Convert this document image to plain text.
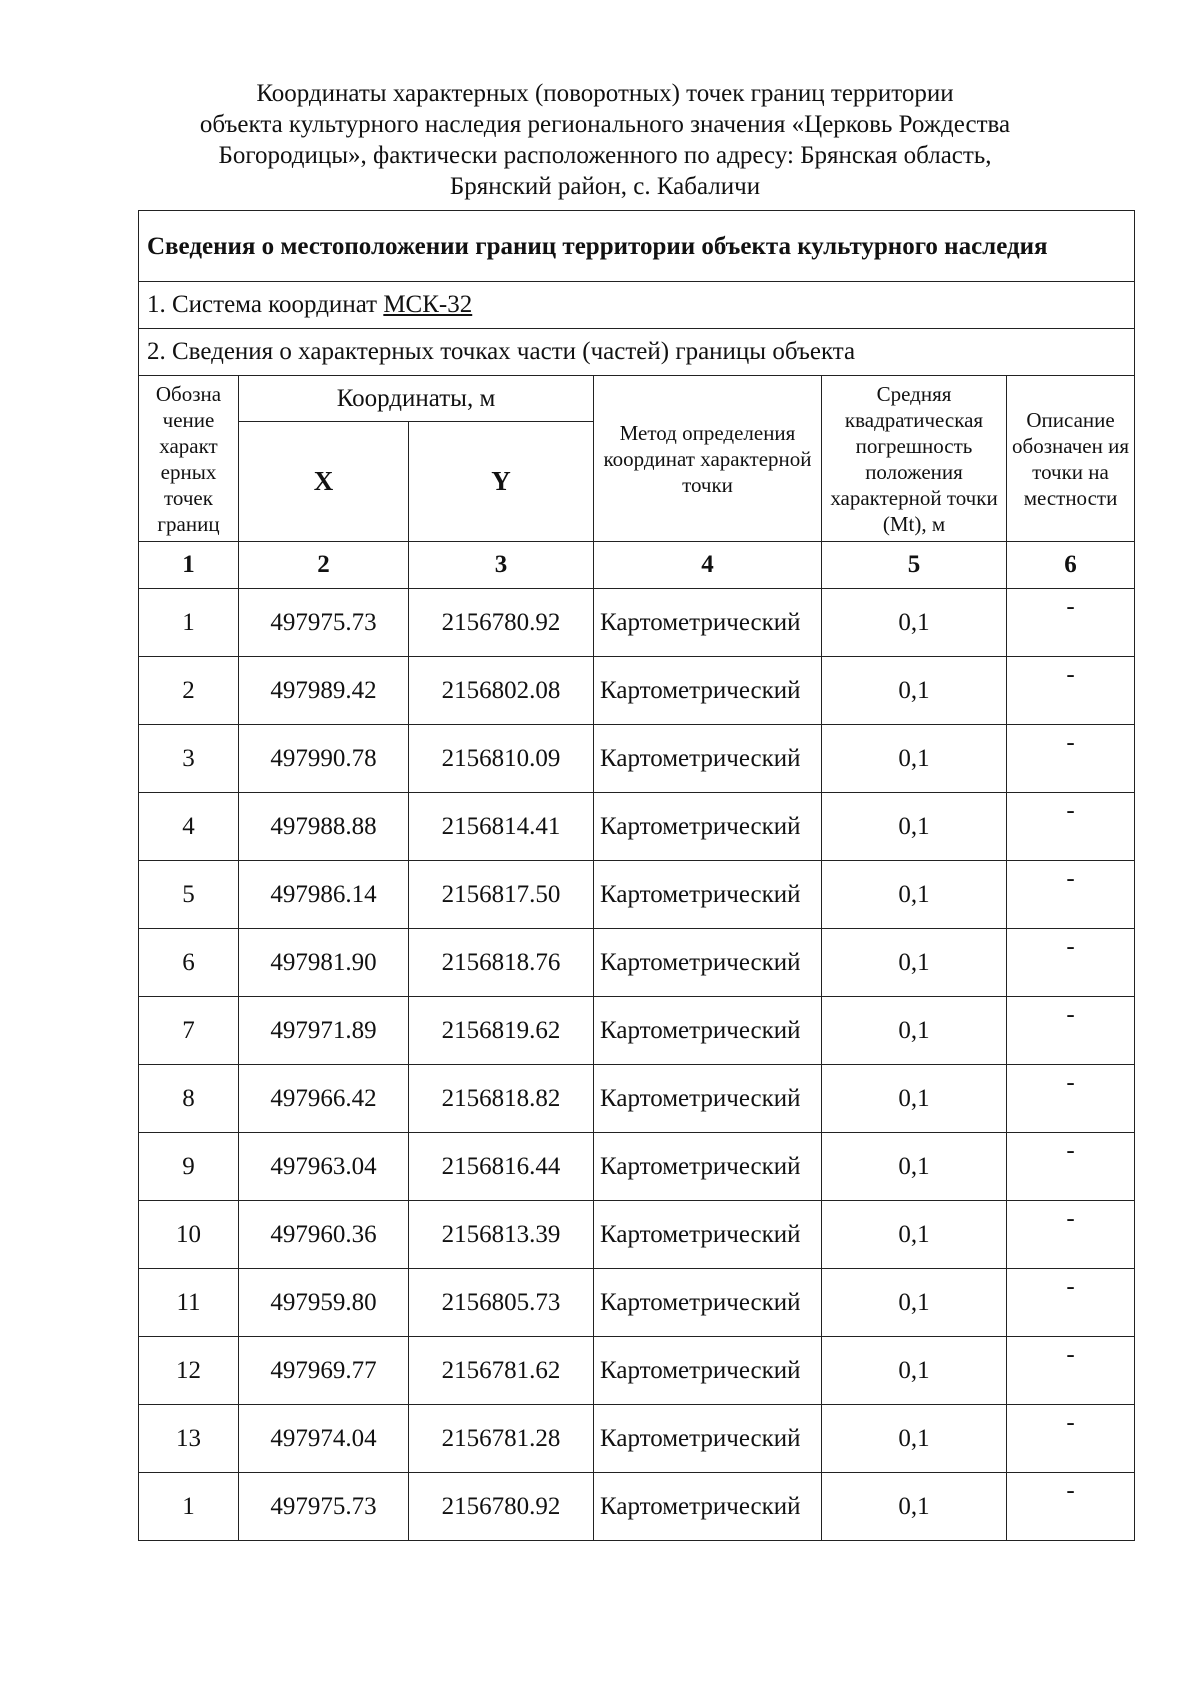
Координаты характерных (поворотных) точек границ территории
объекта культурного наследия регионального значения «Церковь Рождества
Богородицы», фактически расположенного по адресу: Брянская область,
Брянский район, с. Кабаличи
Сведения о местоположении границ территории объекта культурного наследия					
1. Система координат МСК-32					
2. Сведения о характерных точках части (частей) границы объекта					
Обозна чение характ ерных точек границ	Координаты, м		Метод определения координат характерной точки	Средняя квадратическая погрешность положения характерной точки (Mt), м	Описание обозначен ия точки на местности
	X	Y			
1	2	3	4	5	6
1	497975.73	2156780.92	Картометрический	0,1	-
2	497989.42	2156802.08	Картометрический	0,1	-
3	497990.78	2156810.09	Картометрический	0,1	-
4	497988.88	2156814.41	Картометрический	0,1	-
5	497986.14	2156817.50	Картометрический	0,1	-
6	497981.90	2156818.76	Картометрический	0,1	-
7	497971.89	2156819.62	Картометрический	0,1	-
8	497966.42	2156818.82	Картометрический	0,1	-
9	497963.04	2156816.44	Картометрический	0,1	-
10	497960.36	2156813.39	Картометрический	0,1	-
11	497959.80	2156805.73	Картометрический	0,1	-
12	497969.77	2156781.62	Картометрический	0,1	-
13	497974.04	2156781.28	Картометрический	0,1	-
1	497975.73	2156780.92	Картометрический	0,1	-
